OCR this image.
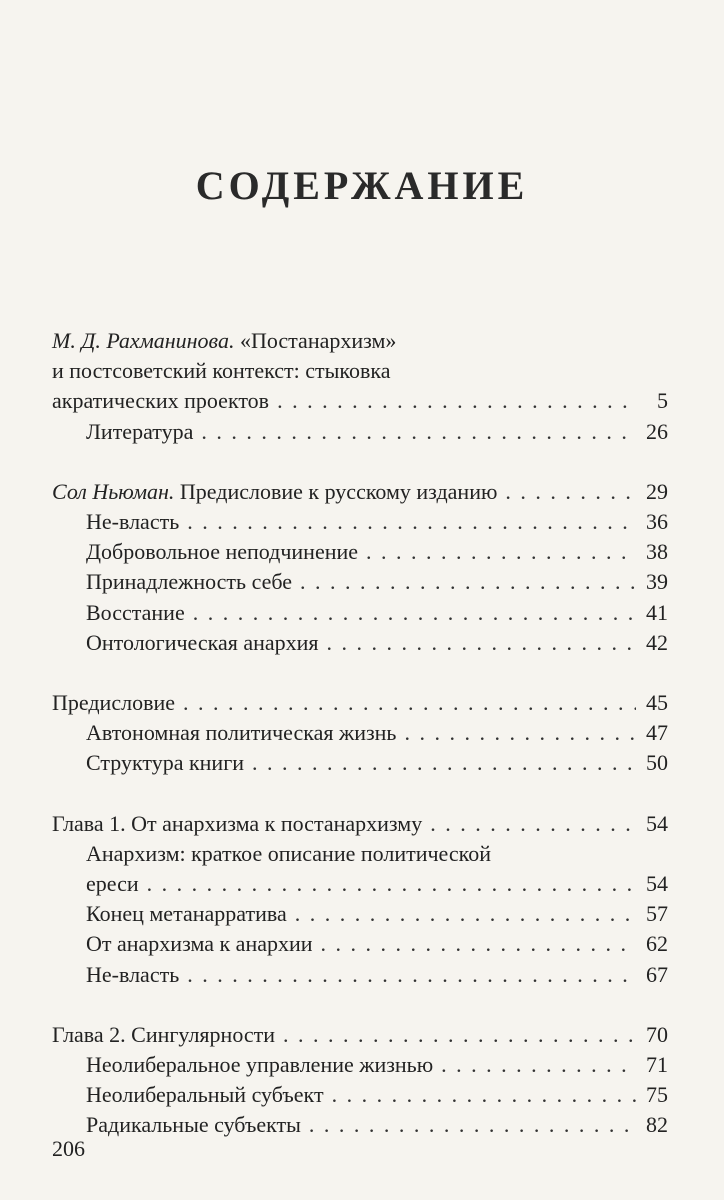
СОДЕРЖАНИЕ
М. Д. Рахманинова. «Постанархизм»
и постсоветский контекст: стыковка
акратических проектов . . .	5
Литература . . .	26
Сол Ньюман. Предисловие к русскому изданию . . .	29
Не-власть . . .	36
Добровольное неподчинение . . .	38
Принадлежность себе . . .	39
Восстание . . .	41
Онтологическая анархия . . .	42
Предисловие . . .	45
Автономная политическая жизнь . . .	47
Структура книги . . .	50
Глава 1. От анархизма к постанархизму . . .	54
Анархизм: краткое описание политической
ереси . . .	54
Конец метанарратива . . .	57
От анархизма к анархии . . .	62
Не-власть . . .	67
Глава 2. Сингулярности . . .	70
Неолиберальное управление жизнью . . .	71
Неолиберальный субъект . . .	75
Радикальные субъекты . . .	82
206
